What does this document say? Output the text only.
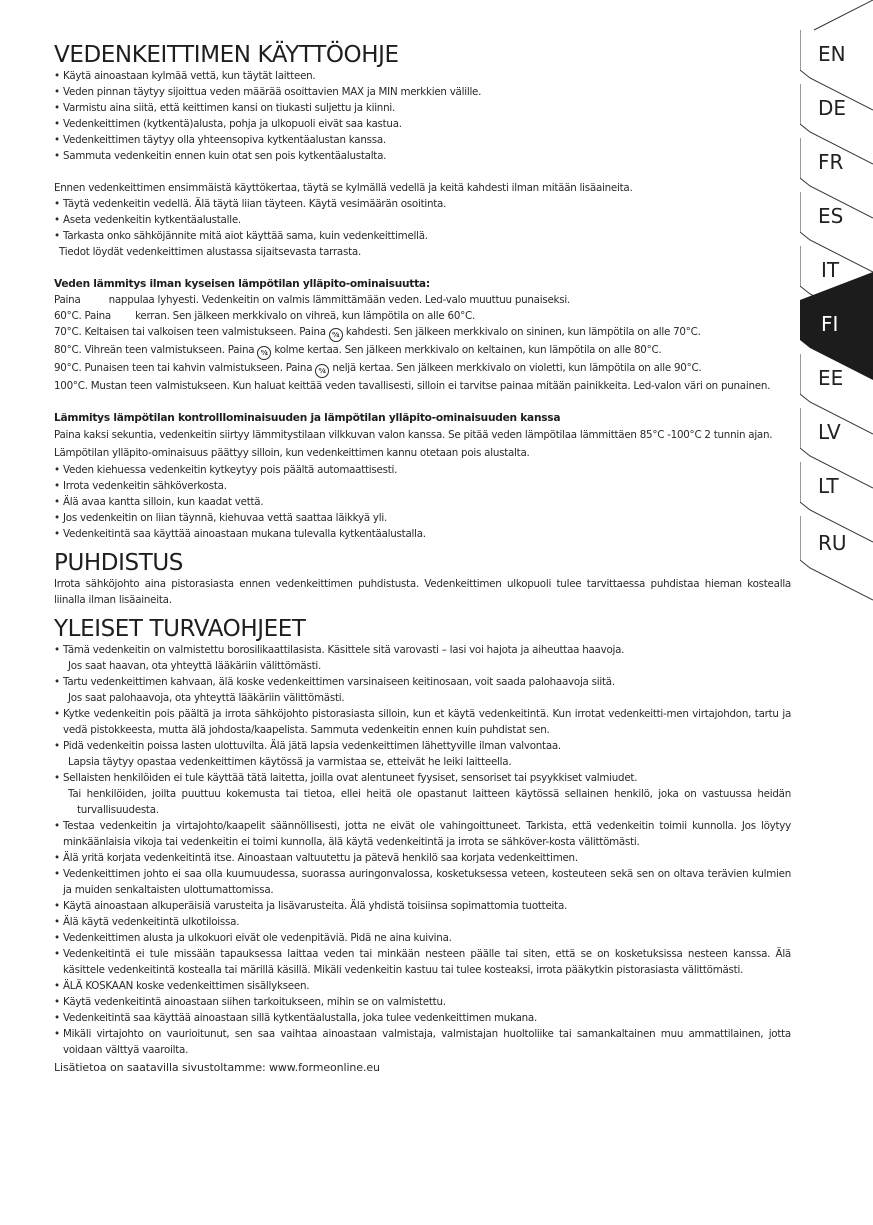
EN
DE
FR
ES
IT
FI
EE
LV
LT
RU
VEDENKEITTIMEN KÄYTTÖOHJE
• Käytä ainoastaan kylmää vettä, kun täytät laitteen.
• Veden pinnan täytyy sijoittua veden määrää osoittavien MAX ja MIN merkkien välille.
• Varmistu aina siitä, että keittimen kansi on tiukasti suljettu ja kiinni.
• Vedenkeittimen (kytkentä)alusta, pohja ja ulkopuoli eivät saa kastua.
• Vedenkeittimen täytyy olla yhteensopiva kytkentäalustan kanssa.
• Sammuta vedenkeitin ennen kuin otat sen pois kytkentäalustalta.

Ennen vedenkeittimen ensimmäistä käyttökertaa, täytä se kylmällä vedellä ja keitä kahdesti ilman mitään lisäaineita.

• Täytä vedenkeitin vedellä. Älä täytä liian täyteen. Käytä vesimäärän osoitinta.
• Aseta vedenkeitin kytkentäalustalle.
• Tarkasta onko sähköjännite mitä aiot käyttää sama, kuin vedenkeittimellä.

Tiedot löydät vedenkeittimen alustassa sijaitsevasta tarrasta.

Veden lämmitys ilman kyseisen lämpötilan ylläpito-ominaisuutta:

Paina	nappulaa lyhyesti. Vedenkeitin on valmis lämmittämään veden. Led-valo muuttuu punaiseksi.

60°C. Paina kerran. Sen jälkeen merkkivalo on vihreä, kun lämpötila on alle 60°C.

70°C. Keltaisen tai valkoisen teen valmistukseen. Paina ⁰⁄₄ kahdesti. Sen jälkeen merkkivalo on sininen, kun lämpötila on alle 70°C.

80°C. Vihreän teen valmistukseen. Paina ⁰⁄₄ kolme kertaa. Sen jälkeen merkkivalo on keltainen, kun lämpötila on alle 80°C.

90°C. Punaisen teen tai kahvin valmistukseen. Paina ⁰⁄₄ neljä kertaa. Sen jälkeen merkkivalo on violetti, kun lämpötila on alle 90°C.

100°C. Mustan teen valmistukseen. Kun haluat keittää veden tavallisesti, silloin ei tarvitse painaa mitään painikkeita. Led-valon väri on punainen.

Lämmitys lämpötilan kontrollIominaisuuden ja lämpötilan ylläpito-ominaisuuden kanssa

Paina kaksi sekuntia, vedenkeitin siirtyy lämmitystilaan vilkkuvan valon kanssa. Se pitää veden lämpötilaa lämmittäen 85°C -100°C 2 tunnin ajan. Lämpötilan ylläpito-ominaisuus päättyy silloin, kun vedenkeittimen kannu otetaan pois alustalta.

• Veden kiehuessa vedenkeitin kytkeytyy pois päältä automaattisesti.
• Irrota vedenkeitin sähköverkosta.
• Älä avaa kantta silloin, kun kaadat vettä.
• Jos vedenkeitin on liian täynnä, kiehuvaa vettä saattaa läikkyä yli.
• Vedenkeitintä saa käyttää ainoastaan mukana tulevalla kytkentäalustalla.
PUHDISTUS

Irrota sähköjohto aina pistorasiasta ennen vedenkeittimen puhdistusta. Vedenkeittimen ulkopuoli tulee tarvittaessa puhdistaa hieman kostealla liinalla ilman lisäaineita.

YLEISET TURVAOHJEET
• Tämä vedenkeitin on valmistettu borosilikaattilasista. Käsittele sitä varovasti – lasi voi hajota ja aiheuttaa haavoja.
Jos saat haavan, ota yhteyttä lääkäriin välittömästi.
• Tartu vedenkeittimen kahvaan, älä koske vedenkeittimen varsinaiseen keitinosaan, voit saada palohaavoja siitä.
Jos saat palohaavoja, ota yhteyttä lääkäriin välittömästi.
• Kytke vedenkeitin pois päältä ja irrota sähköjohto pistorasiasta silloin, kun et käytä vedenkeitintä. Kun irrotat vedenkeitti-men virtajohdon, tartu ja vedä pistokkeesta, mutta älä johdosta/kaapelista. Sammuta vedenkeitin ennen kuin puhdistat sen.
• Pidä vedenkeitin poissa lasten ulottuvilta. Älä jätä lapsia vedenkeittimen lähettyville ilman valvontaa.
Lapsia täytyy opastaa vedenkeittimen käytössä ja varmistaa se, etteivät he leiki laitteella.
• Sellaisten henkilöiden ei tule käyttää tätä laitetta, joilla ovat alentuneet fyysiset, sensoriset tai psyykkiset valmiudet.
Tai henkilöiden, joilta puuttuu kokemusta tai tietoa, ellei heitä ole opastanut laitteen käytössä sellainen henkilö, joka on vastuussa heidän turvallisuudesta.
• Testaa vedenkeitin ja virtajohto/kaapelit säännöllisesti, jotta ne eivät ole vahingoittuneet. Tarkista, että vedenkeitin toimii kunnolla. Jos löytyy minkäänlaisia vikoja tai vedenkeitin ei toimi kunnolla, älä käytä vedenkeitintä ja irrota se sähköver-kosta välittömästi.
• Älä yritä korjata vedenkeitintä itse. Ainoastaan valtuutettu ja pätevä henkilö saa korjata vedenkeittimen.
• Vedenkeittimen johto ei saa olla kuumuudessa, suorassa auringonvalossa, kosketuksessa veteen, kosteuteen sekä sen on oltava terävien kulmien ja muiden senkaltaisten ulottumattomissa.
• Käytä ainoastaan alkuperäisiä varusteita ja lisävarusteita. Älä yhdistä toisiinsa sopimattomia tuotteita.
• Älä käytä vedenkeitintä ulkotiloissa.
• Vedenkeittimen alusta ja ulkokuori eivät ole vedenpitäviä. Pidä ne aina kuivina.
• Vedenkeitintä ei tule missään tapauksessa laittaa veden tai minkään nesteen päälle tai siten, että se on kosketuksissa nesteen kanssa. Älä käsittele vedenkeitintä kostealla tai märillä käsillä. Mikäli vedenkeitin kastuu tai tulee kosteaksi, irrota pääkytkin pistorasiasta välittömästi.
• ÄLÄ KOSKAAN koske vedenkeittimen sisällykseen.
• Käytä vedenkeitintä ainoastaan siihen tarkoitukseen, mihin se on valmistettu.
• Vedenkeitintä saa käyttää ainoastaan sillä kytkentäalustalla, joka tulee vedenkeittimen mukana.
• Mikäli virtajohto on vaurioitunut, sen saa vaihtaa ainoastaan valmistaja, valmistajan huoltoliike tai samankaltainen muu ammattilainen, jotta voidaan välttyä vaaroilta.

Lisätietoa on saatavilla sivustoltamme: www.formeonline.eu
